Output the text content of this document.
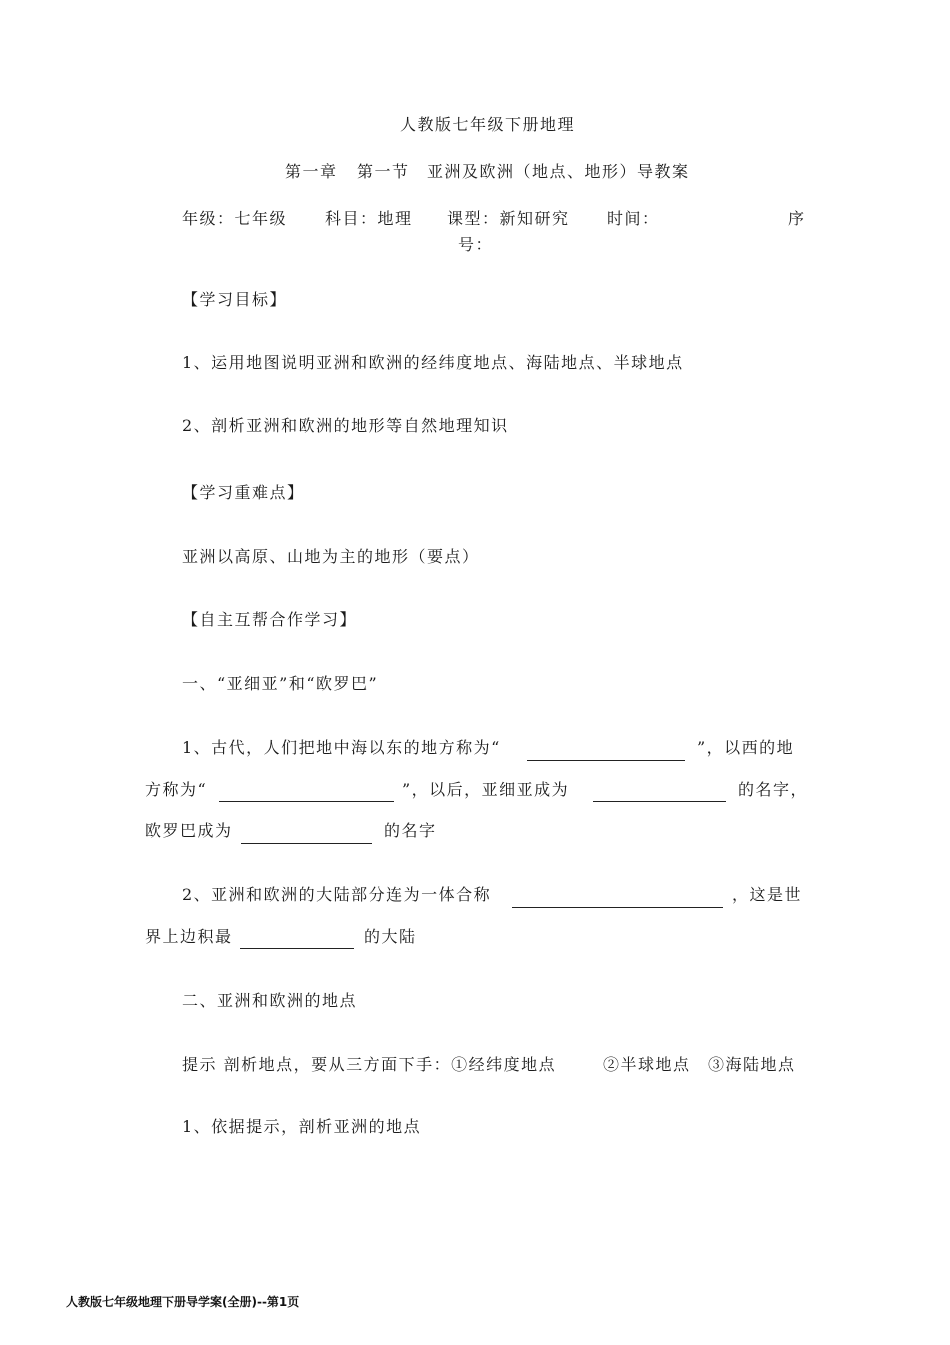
人教版七年级下册地理
第一章 第一节 亚洲及欧洲（地点、地形）导教案
年级：七年级 科目：地理 课型：新知研究 时间：	序
号：
【学习目标】
1、运用地图说明亚洲和欧洲的经纬度地点、海陆地点、半球地点
2、剖析亚洲和欧洲的地形等自然地理知识
【学习重难点】
亚洲以高原、山地为主的地形（要点）
【自主互帮合作学习】
一、“亚细亚”和“欧罗巴”
1、古代，人们把地中海以东的地方称为“	”，以西的地
方称为“	”，以后，亚细亚成为	的名字，
欧罗巴成为	的名字
2、亚洲和欧洲的大陆部分连为一体合称	，这是世
界上边积最	的大陆
二、亚洲和欧洲的地点
提示 剖析地点，要从三方面下手：①经纬度地点	②半球地点 ③海陆地点
1、依据提示，剖析亚洲的地点
人教版七年级地理下册导学案(全册)--第1页
